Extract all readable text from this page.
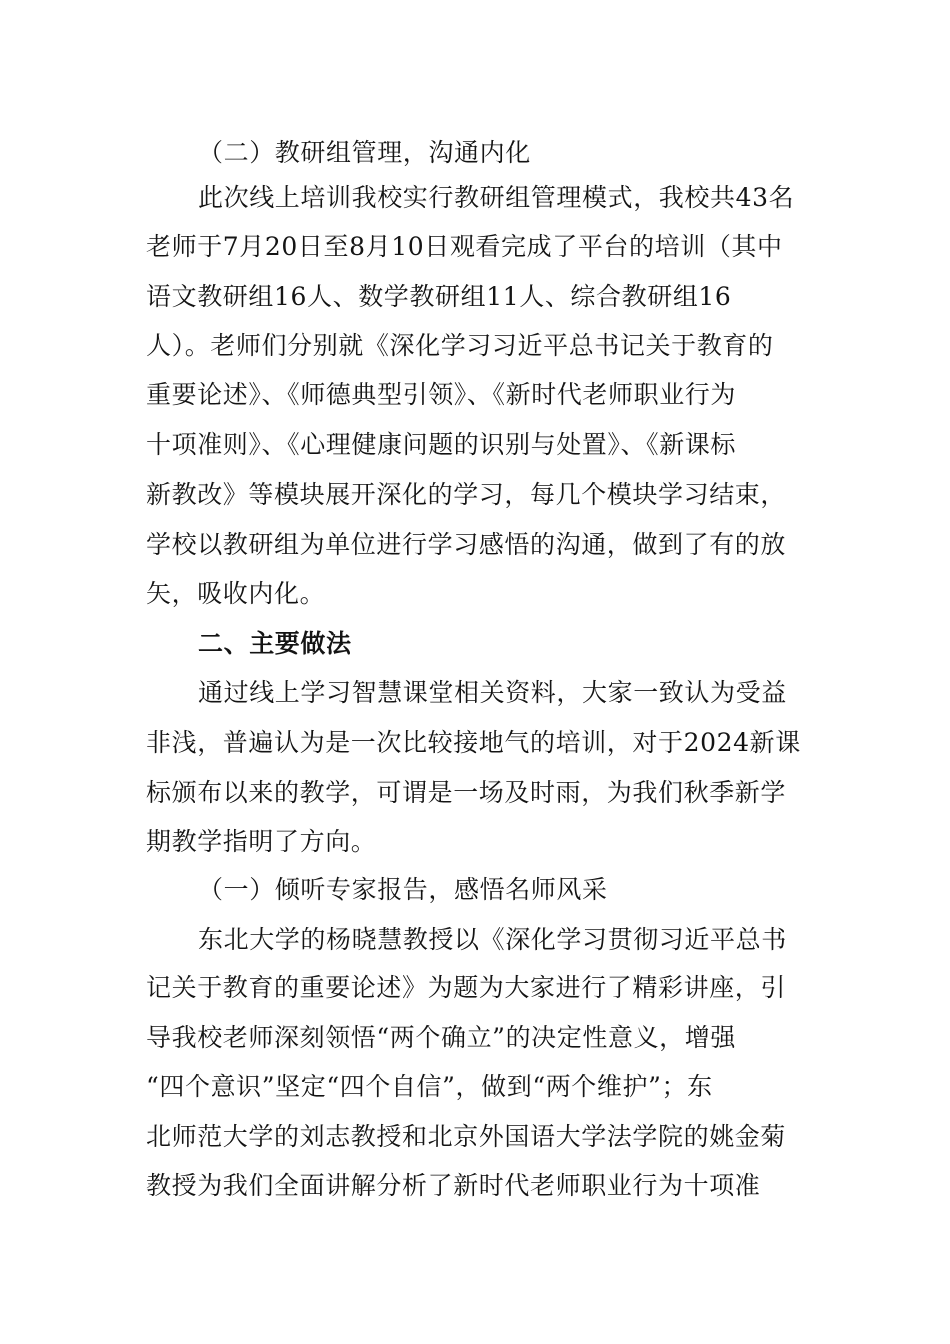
（二）教研组管理，沟通内化
此次线上培训我校实行教研组管理模式，我校共43名
老师于7月20日至8月10日观看完成了平台的培训（其中
语文教研组16人、数学教研组11人、综合教研组16
人）。老师们分别就《深化学习习近平总书记关于教育的
重要论述》、《师德典型引领》、《新时代老师职业行为
十项准则》、《心理健康问题的识别与处置》、《新课标
新教改》等模块展开深化的学习，每几个模块学习结束，
学校以教研组为单位进行学习感悟的沟通，做到了有的放
矢，吸收内化。
二、主要做法
通过线上学习智慧课堂相关资料，大家一致认为受益
非浅，普遍认为是一次比较接地气的培训，对于2024新课
标颁布以来的教学，可谓是一场及时雨，为我们秋季新学
期教学指明了方向。
（一）倾听专家报告，感悟名师风采
东北大学的杨晓慧教授以《深化学习贯彻习近平总书
记关于教育的重要论述》为题为大家进行了精彩讲座，引
导我校老师深刻领悟“两个确立”的决定性意义，增强
“四个意识”坚定“四个自信”，做到“两个维护”；东
北师范大学的刘志教授和北京外国语大学法学院的姚金菊
教授为我们全面讲解分析了新时代老师职业行为十项准
